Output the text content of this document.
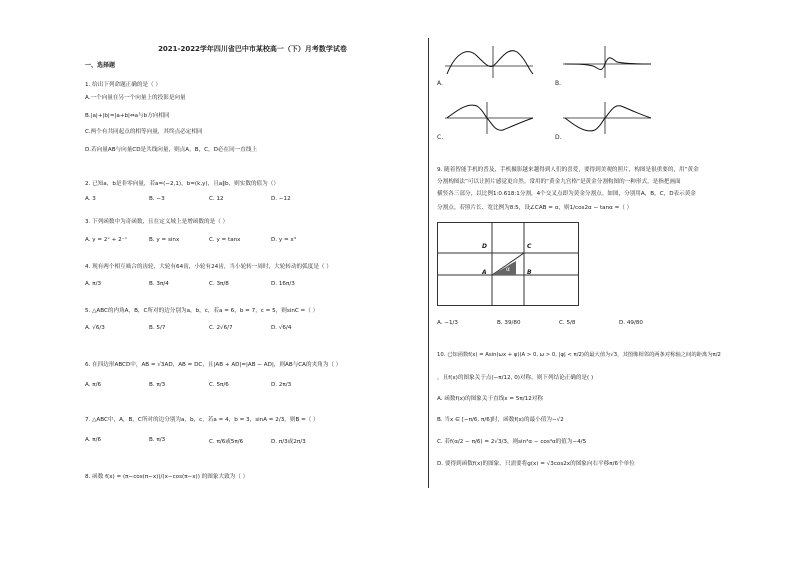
2021-2022学年四川省巴中市某校高一（下）月考数学试卷
一、选择题
1. 给出下列命题正确的是（ ）
A.一个向量在另一个向量上的投影是向量
B.|a|+|b|=|a+b|⇔a与b方向相同
C.两个有共同起点的相等向量，其终点必定相同
D.若向量AB与向量CD是共线向量，则点A，B，C，D必在同一直线上
2. 已知a，b是非零向量，若a=(−2,1)，b=(k,y)，且a∥b，则实数的值为（）
A. 3	B. −3	C. 12	D. −12
3. 下列函数中为奇函数，且在定义域上是增函数的是（ ）
A. y = 2ˣ + 2⁻ˣ	B. y = sinx	C. y = tanx	D. y = x³
4. 现有两个相互啮合的齿轮，大轮有64齿，小轮有24齿，当小轮转一周时，大轮转动的弧度是（ ）
A. π/3	B. 3π/4	C. 3π/8	D. 16π/3
5. △ABC的内角A，B，C所对的边分别为a，b，c，若a = 6，b = 7，c = 5，则sinC =（ ）
A. √6/3	B. 5/7	C. 2√6/7	D. √6/4
6. 在四边形ABCD中，AB = √3AD，AB = DC，且|AB + AD|=|AB − AD|，则AB与CA的夹角为（ ）
A. π/6	B. π/3	C. 5π/6	D. 2π/3
7. △ABC中，A，B，C所对的边分别为a，b，c，若a = 4，b = 3，sinA = 2/3，则B =（ ）
A. π/6	B. π/3	C. π/6或5π/6	D. π/3或2π/3
8. 函数 f(x) = (π−cos(π−x))/(x−cos(π−x)) 的图象大致为（ ）
A.	B.
C.	D.
9. 随着智能手机的普及，手机摄影越来越得到人们的喜爱，要得到美观的照片，构图是很重要的，用“黄金
分割构图法”可以让照片感觉更自然。常用的“黄金九宫格”是黄金分割构图的一种形式，是指把画面
横竖各三部分，以比例1:0.618:1分割，4个交叉点即为黄金分割点。如图，分别用A，B，C，D表示黄金
分割点。若照片长、宽比例为8:5，设∠CAB = α，则1/cos2α − tanα =（ ）
D	C
A	B
α
A. −1/3	B. 39/80	C. 5/8	D. 49/80
10. 已知函数f(x) = Asin(ωx + φ)(A > 0, ω > 0, |φ| < π/2)的最大值为√3，其图像相邻的两条对称轴之间的距离为π/2
，且f(x)的图象关于点(−π/12, 0)对称，则下列结论正确的是( )
A. 函数f(x)的图象关于直线x = 5π/12对称
B. 当x ∈ [−π/6, π/6]时，函数f(x)的最小值为−√2
C. 若f(α/2 − π/6) = 2√3/3，则sin⁴α − cos⁴α的值为−4/5
D. 要得到函数f(x)的图象，只需要将g(x) = √3cos2x的图象向右平移π/6个单位
